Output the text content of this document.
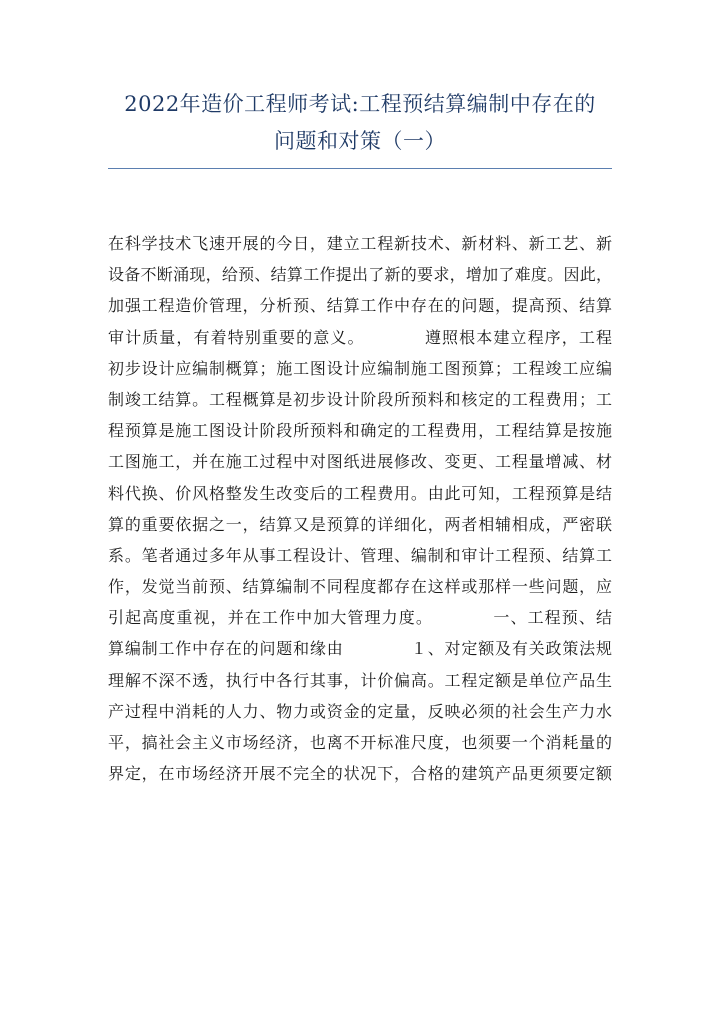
2022年造价工程师考试:工程预结算编制中存在的
问题和对策（一）
在科学技术飞速开展的今日，建立工程新技术、新材料、新工艺、新
设备不断涌现，给预、结算工作提出了新的要求，增加了难度。因此，
加强工程造价管理，分析预、结算工作中存在的问题，提高预、结算
审计质量，有着特别重要的意义。　　　　遵照根本建立程序，工程
初步设计应编制概算；施工图设计应编制施工图预算；工程竣工应编
制竣工结算。工程概算是初步设计阶段所预料和核定的工程费用；工
程预算是施工图设计阶段所预料和确定的工程费用，工程结算是按施
工图施工，并在施工过程中对图纸进展修改、变更、工程量增减、材
料代换、价风格整发生改变后的工程费用。由此可知，工程预算是结
算的重要依据之一，结算又是预算的详细化，两者相辅相成，严密联
系。笔者通过多年从事工程设计、管理、编制和审计工程预、结算工
作，发觉当前预、结算编制不同程度都存在这样或那样一些问题，应
引起高度重视，并在工作中加大管理力度。　　　　一、工程预、结
算编制工作中存在的问题和缘由　　　　１、对定额及有关政策法规
理解不深不透，执行中各行其事，计价偏高。工程定额是单位产品生
产过程中消耗的人力、物力或资金的定量，反映必须的社会生产力水
平，搞社会主义市场经济，也离不开标准尺度，也须要一个消耗量的
界定，在市场经济开展不完全的状况下，合格的建筑产品更须要定额
